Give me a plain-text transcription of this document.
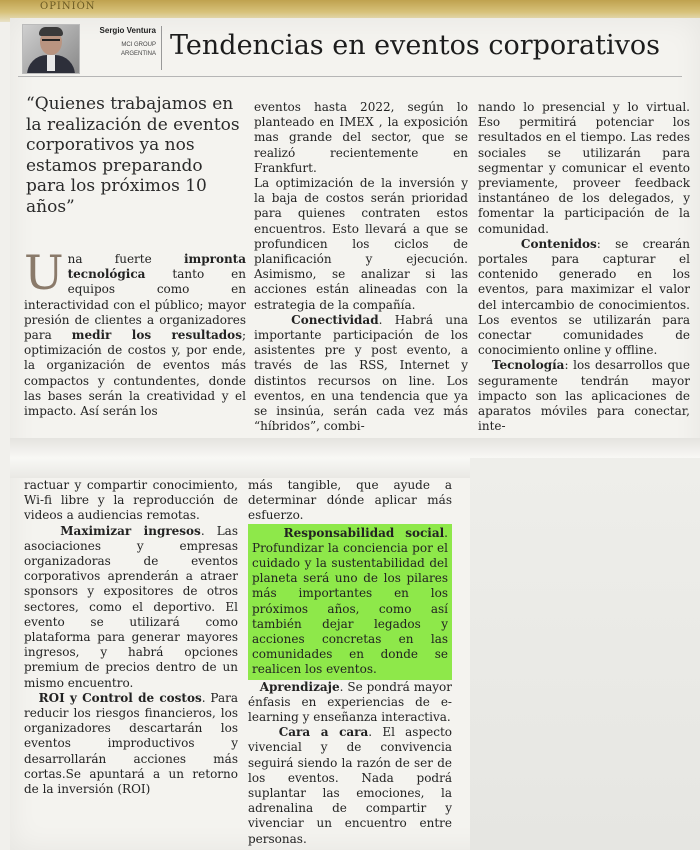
OPINIÓN
Sergio Ventura
MCI GROUP
ARGENTINA Tendencias en eventos corporativos

“Quienes trabajamos en la realización de eventos corporativos ya nos estamos preparando para los próximos 10 años”

Una fuerte impronta tecnológica tanto en equipos como en interactividad con el público; mayor presión de clientes a organizadores para medir los resultados; optimización de costos y, por ende, la organización de eventos más compactos y contundentes, donde las bases serán la creatividad y el impacto. Así serán los

eventos hasta 2022, según lo planteado en IMEX , la exposición mas grande del sector, que se realizó recientemente en Frankfurt.

La optimización de la inversión y la baja de costos serán prioridad para quienes contraten estos encuentros. Esto llevará a que se profundicen los ciclos de planificación y ejecución. Asimismo, se analizar si las acciones están alineadas con la estrategia de la compañía.

Conectividad. Habrá una importante participación de los asistentes pre y post evento, a través de las RSS, Internet y distintos recursos on line. Los eventos, en una tendencia que ya se insinúa, serán cada vez más “híbridos”, combi-

nando lo presencial y lo virtual. Eso permitirá potenciar los resultados en el tiempo. Las redes sociales se utilizarán para segmentar y comunicar el evento previamente, proveer feedback instantáneo de los delegados, y fomentar la participación de la comunidad.

Contenidos: se crearán portales para capturar el contenido generado en los eventos, para maximizar el valor del intercambio de conocimientos. Los eventos se utilizarán para conectar comunidades de conocimiento online y offline.

Tecnología: los desarrollos que seguramente tendrán mayor impacto son las aplicaciones de aparatos móviles para conectar, inte-

ractuar y compartir conocimiento, Wi-fi libre y la reproducción de videos a audiencias remotas.

Maximizar ingresos. Las asociaciones y empresas organizadoras de eventos corporativos aprenderán a atraer sponsors y expositores de otros sectores, como el deportivo. El evento se utilizará como plataforma para generar mayores ingresos, y habrá opciones premium de precios dentro de un mismo encuentro.

ROI y Control de costos. Para reducir los riesgos financieros, los organizadores descartarán los eventos improductivos y desarrollarán acciones más cortas.Se apuntará a un retorno de la inversión (ROI)

más tangible, que ayude a determinar dónde aplicar más esfuerzo.

Responsabilidad social. Profundizar la conciencia por el cuidado y la sustentabilidad del planeta será uno de los pilares más importantes en los próximos años, como así también dejar legados y acciones concretas en las comunidades en donde se realicen los eventos.

Aprendizaje. Se pondrá mayor énfasis en experiencias de e-learning y enseñanza interactiva.

Cara a cara. El aspecto vivencial y de convivencia seguirá siendo la razón de ser de los eventos. Nada podrá suplantar las emociones, la adrenalina de compartir y vivenciar un encuentro entre personas.
